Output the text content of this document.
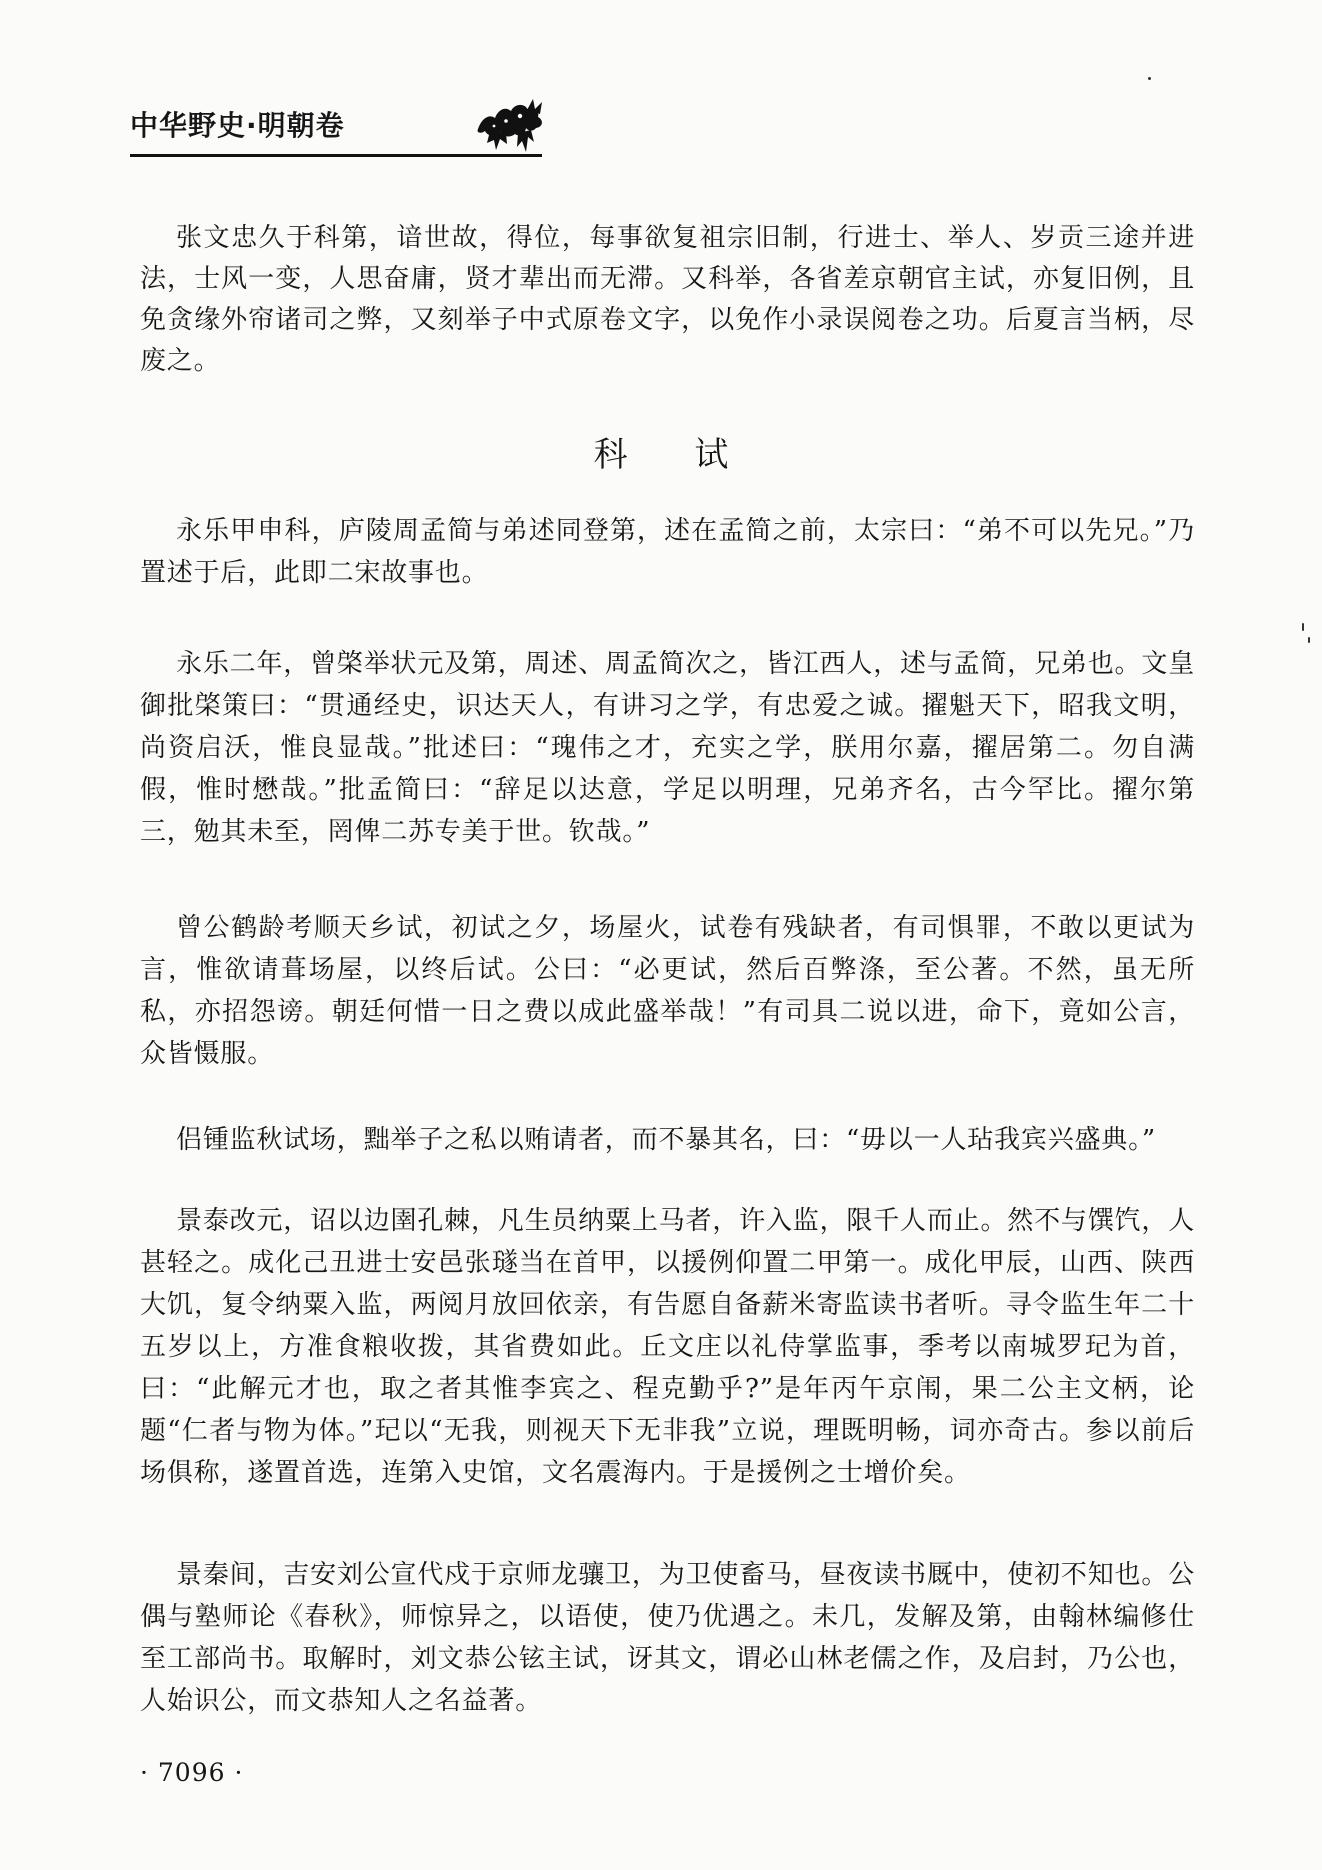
中华野史·明朝卷

张文忠久于科第，谙世故，得位，每事欲复祖宗旧制，行进士、举人、岁贡三途并进法，士风一变，人思奋庸，贤才辈出而无滞。又科举，各省差京朝官主试，亦复旧例，且免贪缘外帘诸司之弊，又刻举子中式原卷文字，以免作小录误阅卷之功。后夏言当柄，尽废之。

科 试

永乐甲申科，庐陵周孟简与弟述同登第，述在孟简之前，太宗曰：“弟不可以先兄。”乃置述于后，此即二宋故事也。

永乐二年，曾棨举状元及第，周述、周孟简次之，皆江西人，述与孟简，兄弟也。文皇御批棨策曰：“贯通经史，识达天人，有讲习之学，有忠爱之诚。擢魁天下，昭我文明，尚资启沃，惟良显哉。”批述曰：“瑰伟之才，充实之学，朕用尔嘉，擢居第二。勿自满假，惟时懋哉。”批孟简曰：“辞足以达意，学足以明理，兄弟齐名，古今罕比。擢尔第三，勉其未至，罔俾二苏专美于世。钦哉。”

曾公鹤龄考顺天乡试，初试之夕，场屋火，试卷有残缺者，有司惧罪，不敢以更试为言，惟欲请葺场屋，以终后试。公曰：“必更试，然后百弊涤，至公著。不然，虽无所私，亦招怨谤。朝廷何惜一日之费以成此盛举哉！”有司具二说以进，命下，竟如公言，众皆慑服。

侣锺监秋试场，黜举子之私以贿请者，而不暴其名，曰：“毋以一人玷我宾兴盛典。”

景泰改元，诏以边圉孔棘，凡生员纳粟上马者，许入监，限千人而止。然不与馔饩，人甚轻之。成化己丑进士安邑张璲当在首甲，以援例仰置二甲第一。成化甲辰，山西、陕西大饥，复令纳粟入监，两阅月放回依亲，有告愿自备薪米寄监读书者听。寻令监生年二十五岁以上，方准食粮收拨，其省费如此。丘文庄以礼侍掌监事，季考以南城罗玘为首，曰：“此解元才也，取之者其惟李宾之、程克勤乎?”是年丙午京闱，果二公主文柄，论题“仁者与物为体。”玘以“无我，则视天下无非我”立说，理既明畅，词亦奇古。参以前后场俱称，遂置首选，连第入史馆，文名震海内。于是援例之士增价矣。

景秦间，吉安刘公宣代戍于京师龙骧卫，为卫使畜马，昼夜读书厩中，使初不知也。公偶与塾师论《春秋》，师惊异之，以语使，使乃优遇之。未几，发解及第，由翰林编修仕至工部尚书。取解时，刘文恭公铉主试，讶其文，谓必山林老儒之作，及启封，乃公也，人始识公，而文恭知人之名益著。

· 7096 ·
